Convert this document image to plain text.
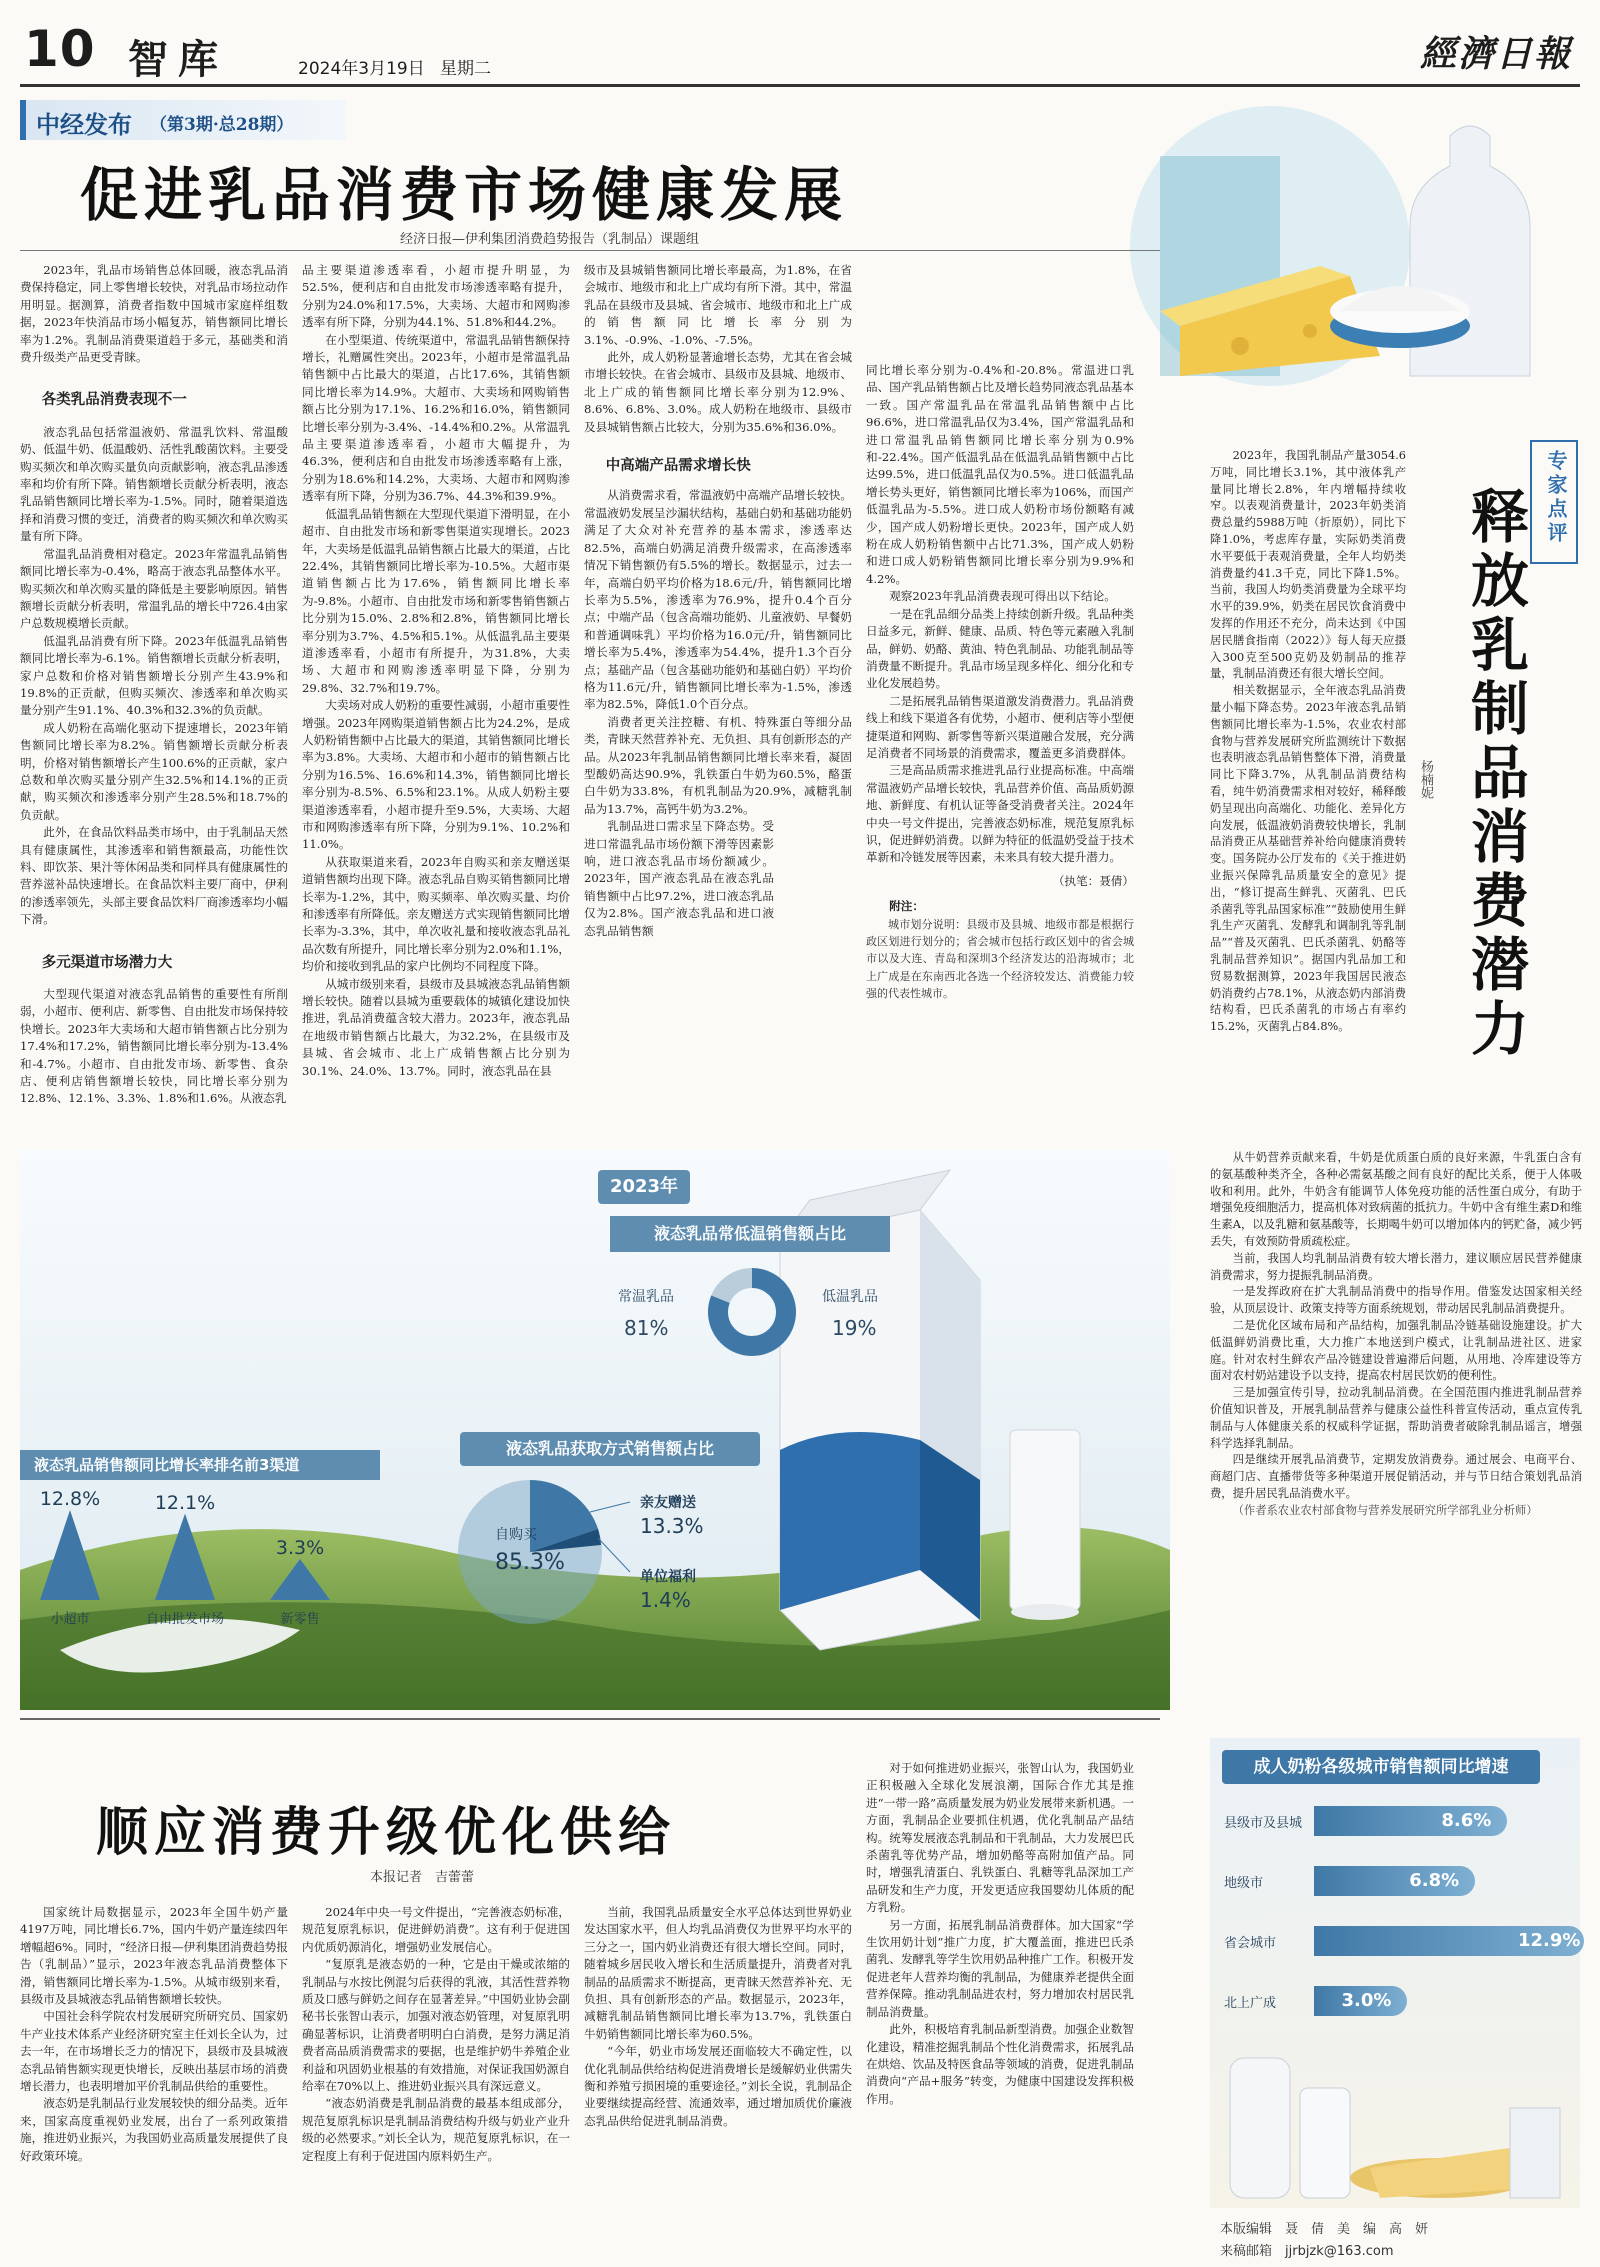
10 智库	2024年3月19日 星期二	經濟日報
中经发布 （第3期·总28期）
促进乳品消费市场健康发展
经济日报—伊利集团消费趋势报告（乳制品）课题组

2023年，乳品市场销售总体回暖，液态乳品消费保持稳定，同上零售增长较快，对乳品市场拉动作用明显。据测算，消费者指数中国城市家庭样组数据，2023年快消品市场小幅复苏，销售额同比增长率为1.2%。乳制品消费渠道趋于多元，基础类和消费升级类产品更受青睐。

各类乳品消费表现不一

液态乳品包括常温液奶、常温乳饮料、常温酸奶、低温牛奶、低温酸奶、活性乳酸菌饮料。主要受购买频次和单次购买量负向贡献影响，液态乳品渗透率和均价有所下降。销售额增长贡献分析表明，液态乳品销售额同比增长率为-1.5%。同时，随着渠道选择和消费习惯的变迁，消费者的购买频次和单次购买量有所下降。

常温乳品消费相对稳定。2023年常温乳品销售额同比增长率为-0.4%，略高于液态乳品整体水平。购买频次和单次购买量的降低是主要影响原因。销售额增长贡献分析表明，常温乳品的增长中726.4由家户总数规模增长贡献。

低温乳品消费有所下降。2023年低温乳品销售额同比增长率为-6.1%。销售额增长贡献分析表明，家户总数和价格对销售额增长分别产生43.9%和19.8%的正贡献，但购买频次、渗透率和单次购买量分别产生91.1%、40.3%和32.3%的负贡献。

成人奶粉在高端化驱动下提速增长，2023年销售额同比增长率为8.2%。销售额增长贡献分析表明，价格对销售额增长产生100.6%的正贡献，家户总数和单次购买量分别产生32.5%和14.1%的正贡献，购买频次和渗透率分别产生28.5%和18.7%的负贡献。

此外，在食品饮料品类市场中，由于乳制品天然具有健康属性，其渗透率和销售额最高，功能性饮料、即饮茶、果汁等休闲品类和同样具有健康属性的营养滋补品快速增长。在食品饮料主要厂商中，伊利的渗透率领先，头部主要食品饮料厂商渗透率均小幅下滑。

多元渠道市场潜力大

大型现代渠道对液态乳品销售的重要性有所削弱，小超市、便利店、新零售、自由批发市场保持较快增长。2023年大卖场和大超市销售额占比分别为17.4%和17.2%，销售额同比增长率分别为-13.4%和-4.7%。小超市、自由批发市场、新零售、食杂店、便利店销售额增长较快，同比增长率分别为12.8%、12.1%、3.3%、1.8%和1.6%。从液态乳

品主要渠道渗透率看，小超市提升明显，为52.5%，便利店和自由批发市场渗透率略有提升，分别为24.0%和17.5%，大卖场、大超市和网购渗透率有所下降，分别为44.1%、51.8%和44.2%。

在小型渠道、传统渠道中，常温乳品销售额保持增长，礼赠属性突出。2023年，小超市是常温乳品销售额中占比最大的渠道，占比17.6%，其销售额同比增长率为14.9%。大超市、大卖场和网购销售额占比分别为17.1%、16.2%和16.0%，销售额同比增长率分别为-3.4%、-14.4%和0.2%。从常温乳品主要渠道渗透率看，小超市大幅提升，为46.3%，便利店和自由批发市场渗透率略有上涨，分别为18.6%和14.2%，大卖场、大超市和网购渗透率有所下降，分别为36.7%、44.3%和39.9%。

低温乳品销售额在大型现代渠道下滑明显，在小超市、自由批发市场和新零售渠道实现增长。2023年，大卖场是低温乳品销售额占比最大的渠道，占比22.4%，其销售额同比增长率为-10.5%。大超市渠道销售额占比为17.6%，销售额同比增长率为-9.8%。小超市、自由批发市场和新零售销售额占比分别为15.0%、2.8%和2.8%，销售额同比增长率分别为3.7%、4.5%和5.1%。从低温乳品主要渠道渗透率看，小超市有所提升，为31.8%，大卖场、大超市和网购渗透率明显下降，分别为29.8%、32.7%和19.7%。

大卖场对成人奶粉的重要性减弱，小超市重要性增强。2023年网购渠道销售额占比为24.2%，是成人奶粉销售额中占比最大的渠道，其销售额同比增长率为3.8%。大卖场、大超市和小超市的销售额占比分别为16.5%、16.6%和14.3%，销售额同比增长率分别为-8.5%、6.5%和23.1%。从成人奶粉主要渠道渗透率看，小超市提升至9.5%，大卖场、大超市和网购渗透率有所下降，分别为9.1%、10.2%和11.0%。

从获取渠道来看，2023年自购买和亲友赠送渠道销售额均出现下降。液态乳品自购买销售额同比增长率为-1.2%，其中，购买频率、单次购买量、均价和渗透率有所降低。亲友赠送方式实现销售额同比增长率为-3.3%，其中，单次收礼量和接收液态乳品礼品次数有所提升，同比增长率分别为2.0%和1.1%，均价和接收到乳品的家户比例均不同程度下降。

从城市级别来看，县级市及县城液态乳品销售额增长较快。随着以县城为重要载体的城镇化建设加快推进，乳品消费蕴含较大潜力。2023年，液态乳品在地级市销售额占比最大，为32.2%，在县级市及县城、省会城市、北上广成销售额占比分别为30.1%、24.0%、13.7%。同时，液态乳品在县

级市及县城销售额同比增长率最高，为1.8%，在省会城市、地级市和北上广成均有所下滑。其中，常温乳品在县级市及县城、省会城市、地级市和北上广成的销售额同比增长率分别为3.1%、-0.9%、-1.0%、-7.5%。

此外，成人奶粉显著逾增长态势，尤其在省会城市增长较快。在省会城市、县级市及县城、地级市、北上广成的销售额同比增长率分别为12.9%、8.6%、6.8%、3.0%。成人奶粉在地级市、县级市及县城销售额占比较大，分别为35.6%和36.0%。

中高端产品需求增长快

从消费需求看，常温液奶中高端产品增长较快。常温液奶发展呈沙漏状结构，基础白奶和基础功能奶满足了大众对补充营养的基本需求，渗透率达82.5%，高端白奶满足消费升级需求，在高渗透率情况下销售额仍有5.5%的增长。数据显示，过去一年，高端白奶平均价格为18.6元/升，销售额同比增长率为5.5%，渗透率为76.9%，提升0.4个百分点；中端产品（包含高端功能奶、儿童液奶、早餐奶和普通调味乳）平均价格为16.0元/升，销售额同比增长率为5.4%，渗透率为54.4%，提升1.3个百分点；基础产品（包含基础功能奶和基础白奶）平均价格为11.6元/升，销售额同比增长率为-1.5%，渗透率为82.5%，降低1.0个百分点。

消费者更关注控糖、有机、特殊蛋白等细分品类，青睐天然营养补充、无负担、具有创新形态的产品。从2023年乳制品销售额同比增长率来看，凝固型酸奶高达90.9%，乳铁蛋白牛奶为60.5%，酪蛋白牛奶为33.8%，有机乳制品为20.9%，减糖乳制品为13.7%，高钙牛奶为3.2%。

乳制品进口需求呈下降态势。受进口常温乳品市场份额下滑等因素影响，进口液态乳品市场份额减少。2023年，国产液态乳品在液态乳品销售额中占比97.2%，进口液态乳品仅为2.8%。国产液态乳品和进口液态乳品销售额

同比增长率分别为-0.4%和-20.8%。常温进口乳品、国产乳品销售额占比及增长趋势同液态乳品基本一致。国产常温乳品在常温乳品销售额中占比96.6%，进口常温乳品仅为3.4%，国产常温乳品和进口常温乳品销售额同比增长率分别为0.9%和-22.4%。国产低温乳品在低温乳品销售额中占比达99.5%，进口低温乳品仅为0.5%。进口低温乳品增长势头更好，销售额同比增长率为106%，而国产低温乳品为-5.5%。进口成人奶粉市场份额略有减少，国产成人奶粉增长更快。2023年，国产成人奶粉在成人奶粉销售额中占比71.3%，国产成人奶粉和进口成人奶粉销售额同比增长率分别为9.9%和4.2%。

观察2023年乳品消费表现可得出以下结论。

一是在乳品细分品类上持续创新升级。乳品种类日益多元，新鲜、健康、品质、特色等元素融入乳制品，鲜奶、奶酪、黄油、特色乳制品、功能乳制品等消费量不断提升。乳品市场呈现多样化、细分化和专业化发展趋势。

二是拓展乳品销售渠道激发消费潜力。乳品消费线上和线下渠道各有优势，小超市、便利店等小型便捷渠道和网购、新零售等新兴渠道融合发展，充分满足消费者不同场景的消费需求，覆盖更多消费群体。

三是高品质需求推进乳品行业提高标准。中高端常温液奶产品增长较快，乳品营养价值、高品质奶源地、新鲜度、有机认证等备受消费者关注。2024年中央一号文件提出，完善液态奶标准，规范复原乳标识，促进鲜奶消费。以鲜为特征的低温奶受益于技术革新和冷链发展等因素，未来具有较大提升潜力。

（执笔：聂倩）
附注：

城市划分说明：县级市及县城、地级市都是根据行政区划进行划分的；省会城市包括行政区划中的省会城市以及大连、青岛和深圳3个经济发达的沿海城市；北上广成是在东南西北各选一个经济较发达、消费能力较强的代表性城市。

2023年
液态乳品常低温销售额占比
常温乳品
81%
低温乳品
19%
液态乳品销售额同比增长率排名前3渠道
12.8%
小超市
12.1%
自由批发市场
3.3%
新零售
液态乳品获取方式销售额占比
自购买
85.3%
亲友赠送
13.3%
单位福利
1.4%
专家点评
释放乳制品消费潜力
杨楠妮

2023年，我国乳制品产量3054.6万吨，同比增长3.1%，其中液体乳产量同比增长2.8%，年内增幅持续收窄。以表观消费量计，2023年奶类消费总量约5988万吨（折原奶），同比下降1.0%，考虑库存量，实际奶类消费水平要低于表观消费量，全年人均奶类消费量约41.3千克，同比下降1.5%。当前，我国人均奶类消费量为全球平均水平的39.9%，奶类在居民饮食消费中发挥的作用还不充分，尚未达到《中国居民膳食指南（2022）》每人每天应摄入300克至500克奶及奶制品的推荐量，乳制品消费还有很大增长空间。

相关数据显示，全年液态乳品消费量小幅下降态势。2023年液态乳品销售额同比增长率为-1.5%，农业农村部食物与营养发展研究所监测统计下数据也表明液态乳品销售整体下滑，消费量同比下降3.7%，从乳制品消费结构看，纯牛奶消费需求相对较好，稀释酸奶呈现出向高端化、功能化、差异化方向发展，低温液奶消费较快增长，乳制品消费正从基础营养补给向健康消费转变。国务院办公厅发布的《关于推进奶业振兴保障乳品质量安全的意见》提出，“修订提高生鲜乳、灭菌乳、巴氏杀菌乳等乳品国家标准”“鼓励使用生鲜乳生产灭菌乳、发酵乳和调制乳等乳制品”“普及灭菌乳、巴氏杀菌乳、奶酪等乳制品营养知识”。据国内乳品加工和贸易数据测算，2023年我国居民液态奶消费约占78.1%，从液态奶内部消费结构看，巴氏杀菌乳的市场占有率约15.2%，灭菌乳占84.8%。

从牛奶营养贡献来看，牛奶是优质蛋白质的良好来源，牛乳蛋白含有的氨基酸种类齐全，各种必需氨基酸之间有良好的配比关系，便于人体吸收和利用。此外，牛奶含有能调节人体免疫功能的活性蛋白成分，有助于增强免疫细胞活力，提高机体对致病菌的抵抗力。牛奶中含有维生素D和维生素A，以及乳糖和氨基酸等，长期喝牛奶可以增加体内的钙贮备，减少钙丢失，有效预防骨质疏松症。

当前，我国人均乳制品消费有较大增长潜力，建议顺应居民营养健康消费需求，努力提振乳制品消费。

一是发挥政府在扩大乳制品消费中的指导作用。借鉴发达国家相关经验，从顶层设计、政策支持等方面系统规划，带动居民乳制品消费提升。

二是优化区域布局和产品结构，加强乳制品冷链基础设施建设。扩大低温鲜奶消费比重，大力推广本地送到户模式，让乳制品进社区、进家庭。针对农村生鲜农产品冷链建设普遍滞后问题，从用地、冷库建设等方面对农村奶站建设予以支持，提高农村居民饮奶的便利性。

三是加强宣传引导，拉动乳制品消费。在全国范围内推进乳制品营养价值知识普及，开展乳制品营养与健康公益性科普宣传活动，重点宣传乳制品与人体健康关系的权威科学证据，帮助消费者破除乳制品谣言，增强科学选择乳制品。

四是继续开展乳品消费节，定期发放消费券。通过展会、电商平台、商超门店、直播带货等多种渠道开展促销活动，并与节日结合策划乳品消费，提升居民乳品消费水平。

（作者系农业农村部食物与营养发展研究所学部乳业分析师）

顺应消费升级优化供给
本报记者　吉蕾蕾

国家统计局数据显示，2023年全国牛奶产量4197万吨，同比增长6.7%，国内牛奶产量连续四年增幅超6%。同时，“经济日报—伊利集团消费趋势报告（乳制品）”显示，2023年液态乳品消费整体下滑，销售额同比增长率为-1.5%。从城市级别来看，县级市及县城液态乳品销售额增长较快。

中国社会科学院农村发展研究所研究员、国家奶牛产业技术体系产业经济研究室主任刘长全认为，过去一年，在市场增长乏力的情况下，县级市及县城液态乳品销售额实现更快增长，反映出基层市场的消费增长潜力，也表明增加平价乳制品供给的重要性。

液态奶是乳制品行业发展较快的细分品类。近年来，国家高度重视奶业发展，出台了一系列政策措施，推进奶业振兴，为我国奶业高质量发展提供了良好政策环境。

2024年中央一号文件提出，“完善液态奶标准，规范复原乳标识，促进鲜奶消费”。这有利于促进国内优质奶源消化，增强奶业发展信心。

“复原乳是液态奶的一种，它是由干燥或浓缩的乳制品与水按比例混匀后获得的乳液，其活性营养物质及口感与鲜奶之间存在显著差异。”中国奶业协会副秘书长张智山表示，加强对液态奶管理，对复原乳明确显著标识，让消费者明明白白消费，是努力满足消费者高品质消费需求的要据，也是维护奶牛养殖企业利益和巩固奶业根基的有效措施，对保证我国奶源自给率在70%以上、推进奶业振兴具有深远意义。

“液态奶消费是乳制品消费的最基本组成部分，规范复原乳标识是乳制品消费结构升级与奶业产业升级的必然要求。”刘长全认为，规范复原乳标识，在一定程度上有利于促进国内原料奶生产。

当前，我国乳品质量安全水平总体达到世界奶业发达国家水平，但人均乳品消费仅为世界平均水平的三分之一，国内奶业消费还有很大增长空间。同时，随着城乡居民收入增长和生活质量提升，消费者对乳制品的品质需求不断提高，更青睐天然营养补充、无负担、具有创新形态的产品。数据显示，2023年，减糖乳制品销售额同比增长率为13.7%，乳铁蛋白牛奶销售额同比增长率为60.5%。

“今年，奶业市场发展还面临较大不确定性，以优化乳制品供给结构促进消费增长是缓解奶业供需失衡和养殖亏损困境的重要途径。”刘长全说，乳制品企业要继续提高经营、流通效率，通过增加质优价廉液态乳品供给促进乳制品消费。

对于如何推进奶业振兴，张智山认为，我国奶业正积极融入全球化发展浪潮，国际合作尤其是推进“一带一路”高质量发展为奶业发展带来新机遇。一方面，乳制品企业要抓住机遇，优化乳制品产品结构。统筹发展液态乳制品和干乳制品，大力发展巴氏杀菌乳等优势产品，增加奶酪等高附加值产品。同时，增强乳清蛋白、乳铁蛋白、乳糖等乳品深加工产品研发和生产力度，开发更适应我国婴幼儿体质的配方乳粉。

另一方面，拓展乳制品消费群体。加大国家“学生饮用奶计划”推广力度，扩大覆盖面，推进巴氏杀菌乳、发酵乳等学生饮用奶品种推广工作。积极开发促进老年人营养均衡的乳制品，为健康养老提供全面营养保障。推动乳制品进农村，努力增加农村居民乳制品消费量。

此外，积极培育乳制品新型消费。加强企业数智化建设，精准挖掘乳制品个性化消费需求，拓展乳品在烘焙、饮品及特医食品等领域的消费，促进乳制品消费向“产品+服务”转变，为健康中国建设发挥积极作用。

成人奶粉各级城市销售额同比增速
县级市及县城	8.6%
地级市	6.8%
省会城市	12.9%
北上广成	3.0%
本版编辑　聂　倩　美　编　高　妍
来稿邮箱　jjrbjzk@163.com
